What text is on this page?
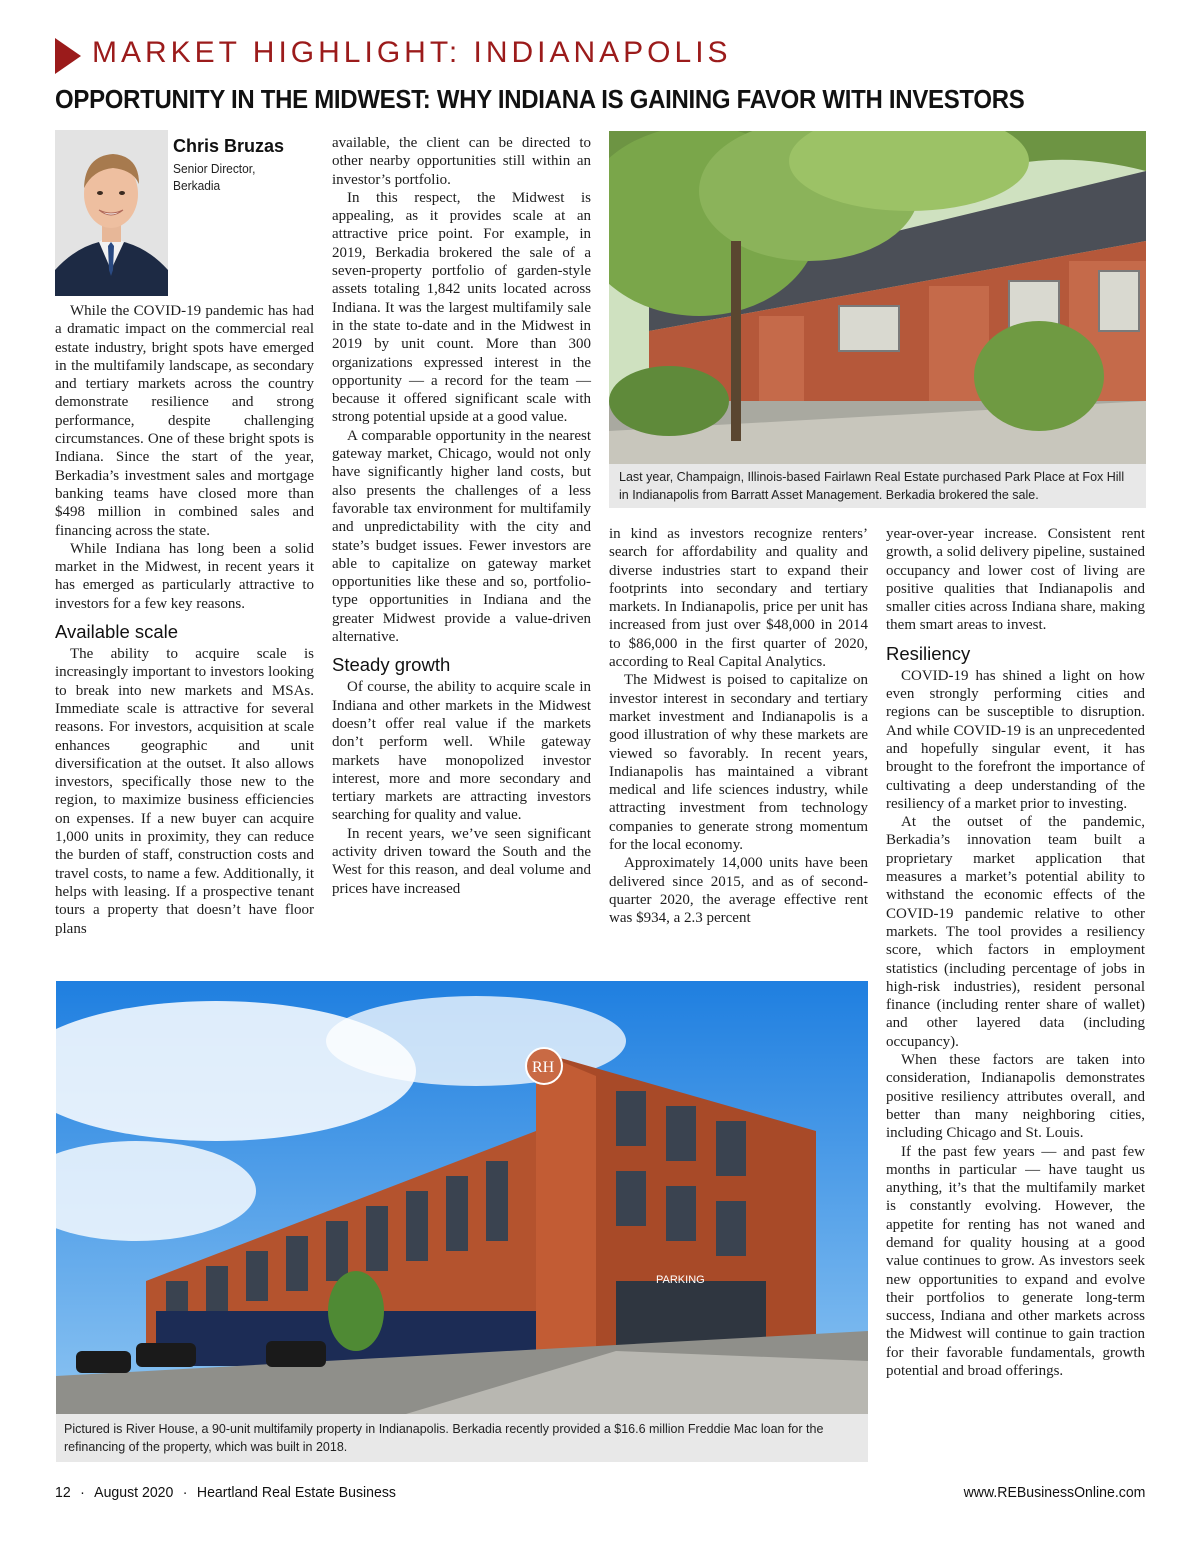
MARKET HIGHLIGHT: INDIANAPOLIS
OPPORTUNITY IN THE MIDWEST: WHY INDIANA IS GAINING FAVOR WITH INVESTORS
Chris Bruzas
Senior Director,
Berkadia

While the COVID-19 pandemic has had a dramatic impact on the commercial real estate industry, bright spots have emerged in the multifamily landscape, as secondary and tertiary markets across the country demonstrate resilience and strong performance, despite challenging circumstances. One of these bright spots is Indiana. Since the start of the year, Berkadia’s investment sales and mortgage banking teams have closed more than $498 million in combined sales and financing across the state.

While Indiana has long been a solid market in the Midwest, in recent years it has emerged as particularly attractive to investors for a few key reasons.

Available scale

The ability to acquire scale is increasingly important to investors looking to break into new markets and MSAs. Immediate scale is attractive for several reasons. For investors, acquisition at scale enhances geographic and unit diversification at the outset. It also allows investors, specifically those new to the region, to maximize business efficiencies on expenses. If a new buyer can acquire 1,000 units in proximity, they can reduce the burden of staff, construction costs and travel costs, to name a few. Additionally, it helps with leasing. If a prospective tenant tours a property that doesn’t have floor plans

available, the client can be directed to other nearby opportunities still within an investor’s portfolio.

In this respect, the Midwest is appealing, as it provides scale at an attractive price point. For example, in 2019, Berkadia brokered the sale of a seven-property portfolio of garden-style assets totaling 1,842 units located across Indiana. It was the largest multifamily sale in the state to-date and in the Midwest in 2019 by unit count. More than 300 organizations expressed interest in the opportunity — a record for the team — because it offered significant scale with strong potential upside at a good value.

A comparable opportunity in the nearest gateway market, Chicago, would not only have significantly higher land costs, but also presents the challenges of a less favorable tax environment for multifamily and unpredictability with the city and state’s budget issues. Fewer investors are able to capitalize on gateway market opportunities like these and so, portfolio-type opportunities in Indiana and the greater Midwest provide a value-driven alternative.

Steady growth

Of course, the ability to acquire scale in Indiana and other markets in the Midwest doesn’t offer real value if the markets don’t perform well. While gateway markets have monopolized investor interest, more and more secondary and tertiary markets are attracting investors searching for quality and value.

In recent years, we’ve seen significant activity driven toward the South and the West for this reason, and deal volume and prices have increased

Last year, Champaign, Illinois-based Fairlawn Real Estate purchased Park Place at Fox Hill in Indianapolis from Barratt Asset Management. Berkadia brokered the sale.

in kind as investors recognize renters’ search for affordability and quality and diverse industries start to expand their footprints into secondary and tertiary markets. In Indianapolis, price per unit has increased from just over $48,000 in 2014 to $86,000 in the first quarter of 2020, according to Real Capital Analytics.

The Midwest is poised to capitalize on investor interest in secondary and tertiary market investment and Indianapolis is a good illustration of why these markets are viewed so favorably. In recent years, Indianapolis has maintained a vibrant medical and life sciences industry, while attracting investment from technology companies to generate strong momentum for the local economy.

Approximately 14,000 units have been delivered since 2015, and as of second-quarter 2020, the average effective rent was $934, a 2.3 percent

year-over-year increase. Consistent rent growth, a solid delivery pipeline, sustained occupancy and lower cost of living are positive qualities that Indianapolis and smaller cities across Indiana share, making them smart areas to invest.

Resiliency

COVID-19 has shined a light on how even strongly performing cities and regions can be susceptible to disruption. And while COVID-19 is an unprecedented and hopefully singular event, it has brought to the forefront the importance of cultivating a deep understanding of the resiliency of a market prior to investing.

At the outset of the pandemic, Berkadia’s innovation team built a proprietary market application that measures a market’s potential ability to withstand the economic effects of the COVID-19 pandemic relative to other markets. The tool provides a resiliency score, which factors in employment statistics (including percentage of jobs in high-risk industries), resident personal finance (including renter share of wallet) and other layered data (including occupancy).

When these factors are taken into consideration, Indianapolis demonstrates positive resiliency attributes overall, and better than many neighboring cities, including Chicago and St. Louis.

If the past few years — and past few months in particular — have taught us anything, it’s that the multifamily market is constantly evolving. However, the appetite for renting has not waned and demand for quality housing at a good value continues to grow. As investors seek new opportunities to expand and evolve their portfolios to generate long-term success, Indiana and other markets across the Midwest will continue to gain traction for their favorable fundamentals, growth potential and broad offerings.

PARKING
RH
Pictured is River House, a 90-unit multifamily property in Indianapolis. Berkadia recently provided a $16.6 million Freddie Mac loan for the refinancing of the property, which was built in 2018.
12 · August 2020 · Heartland Real Estate Business	www.REBusinessOnline.com
